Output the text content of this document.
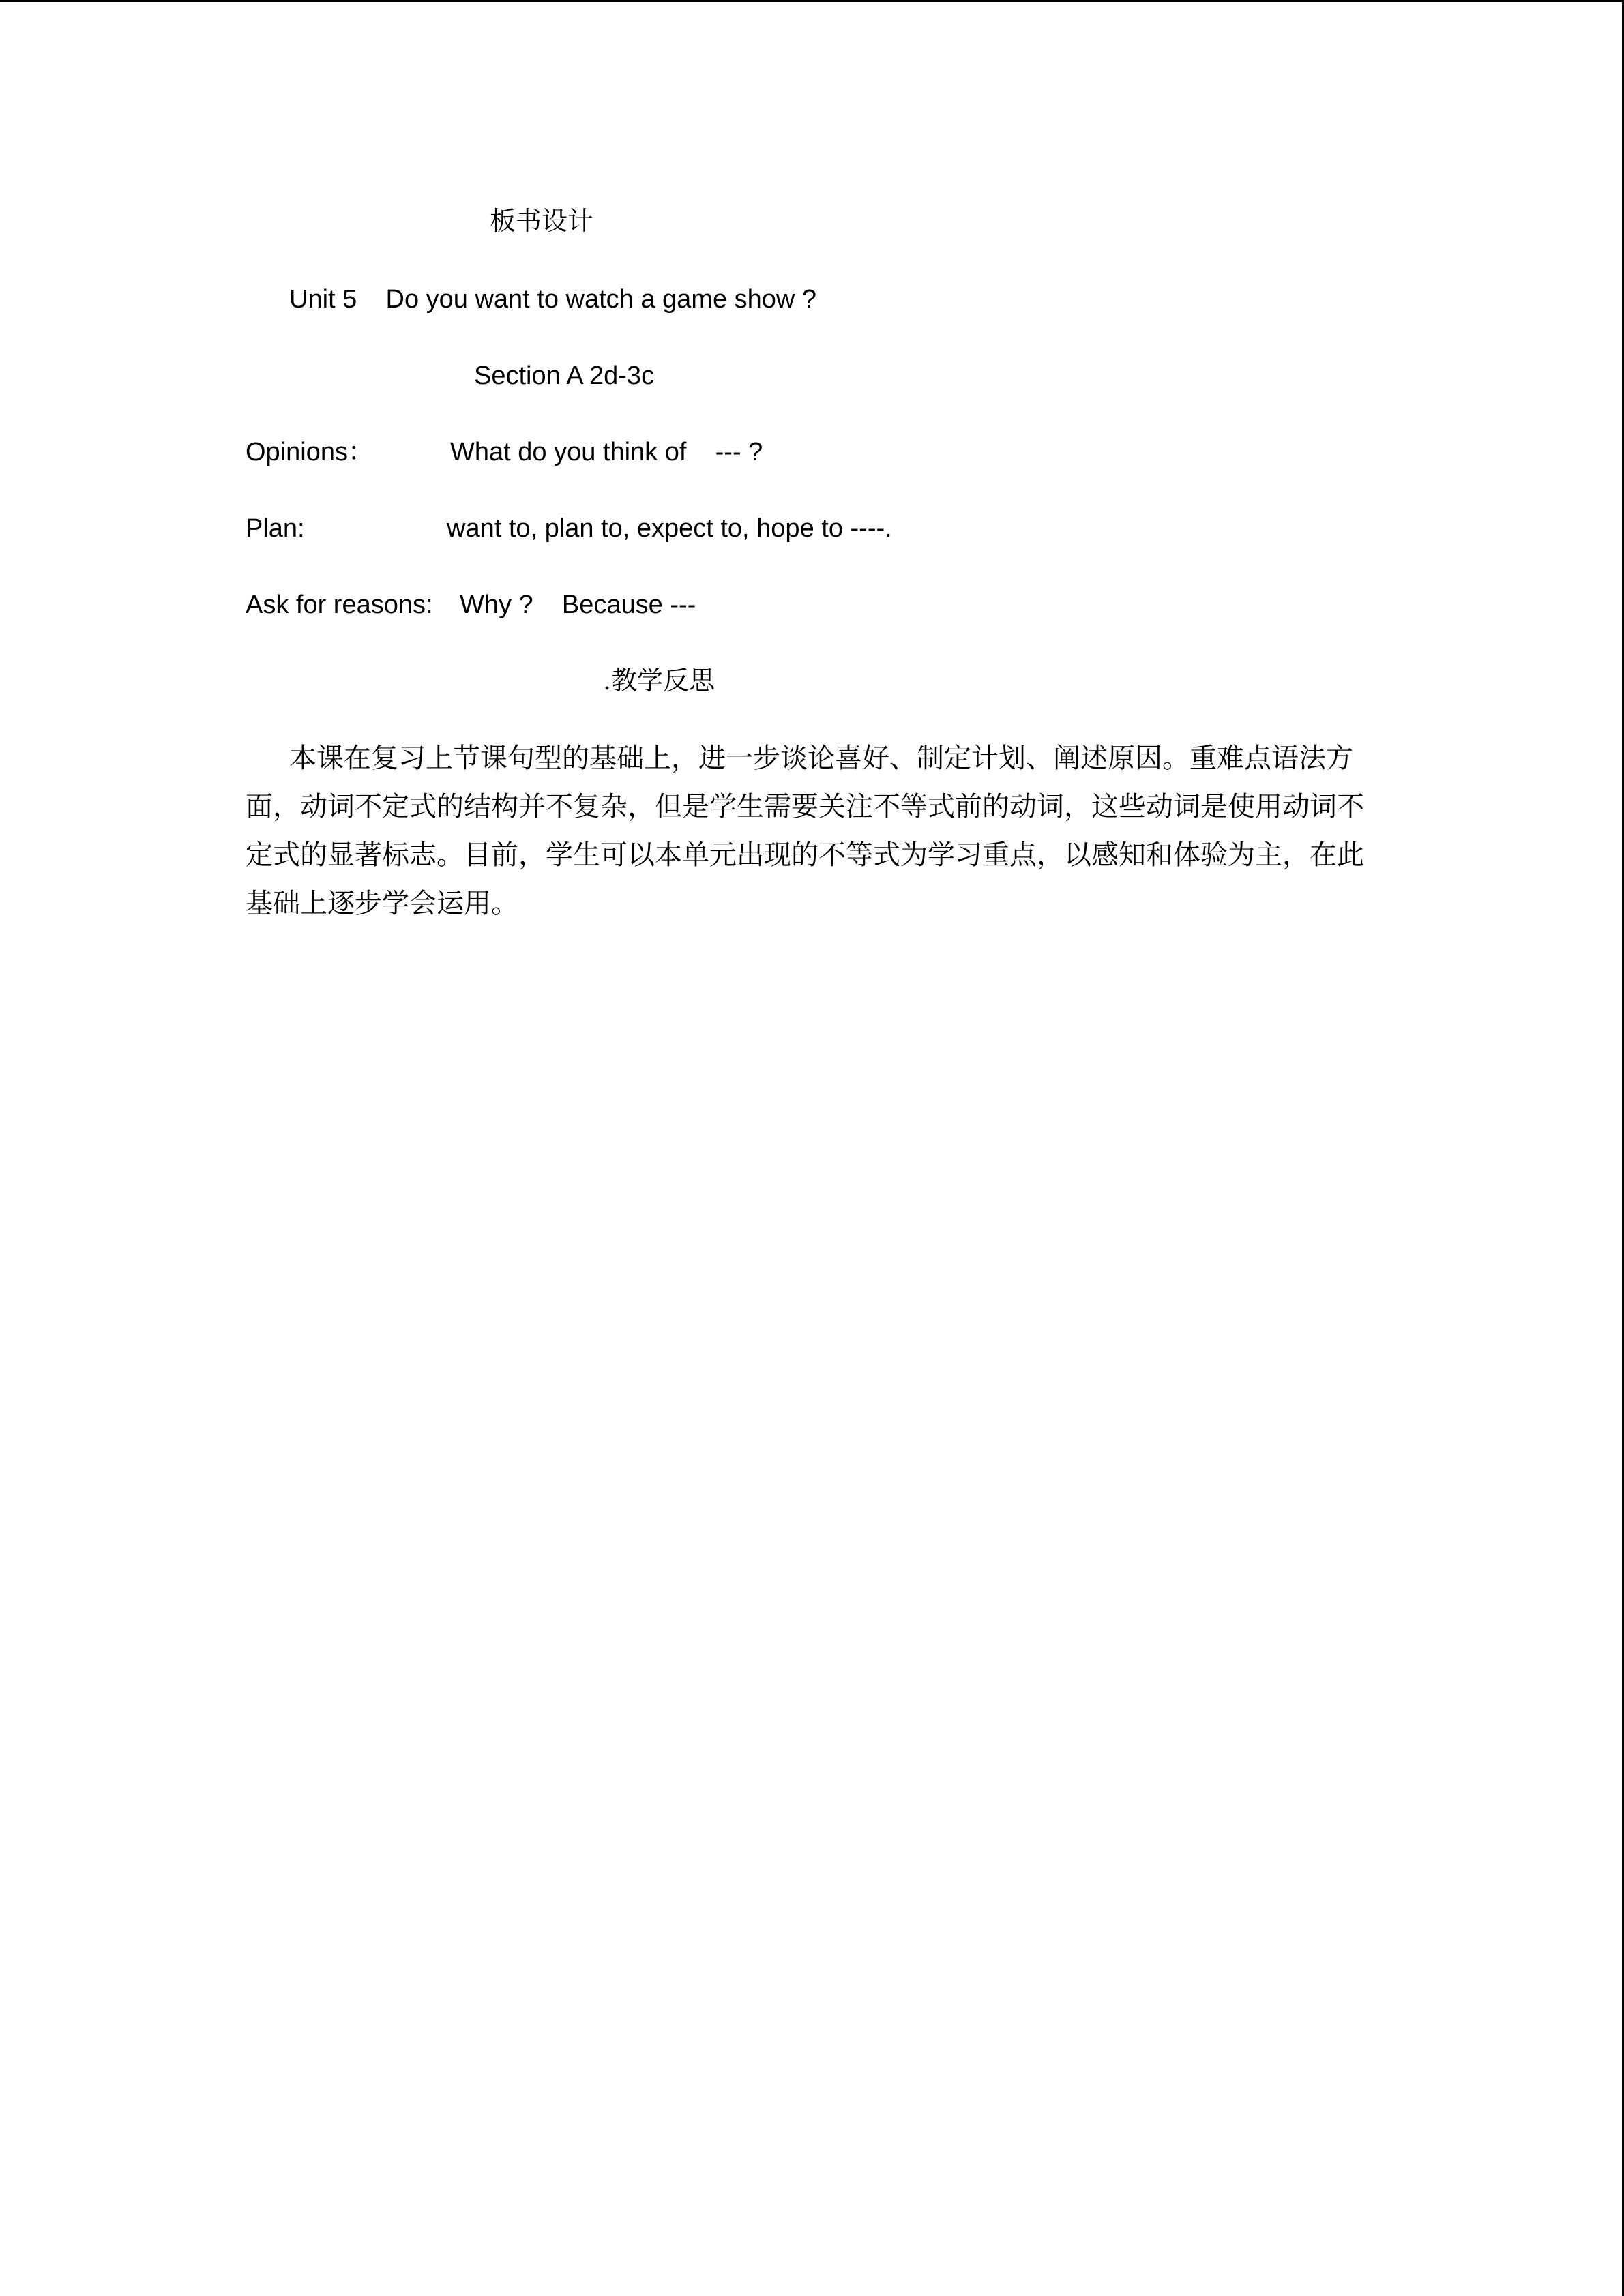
板书设计
Unit 5    Do you want to watch a game show ?
Section A 2d-3c
Opinions：	What do you think of    --- ?
Plan:	want to, plan to, expect to, hope to ----.
Ask for reasons: Why ?    Because ---
.教学反思
本课在复习上节课句型的基础上，进一步谈论喜好、制定计划、阐述原因。重难点语法方面，动词不定式的结构并不复杂，但是学生需要关注不等式前的动词，这些动词是使用动词不定式的显著标志。目前，学生可以本单元出现的不等式为学习重点，以感知和体验为主，在此基础上逐步学会运用。
